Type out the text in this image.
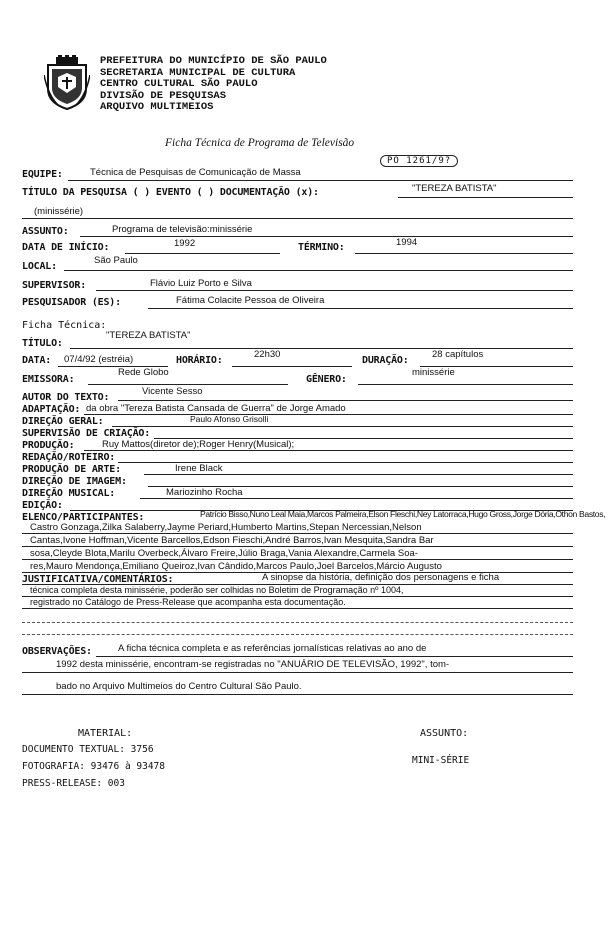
PREFEITURA DO MUNICÍPIO DE SÃO PAULO
SECRETARIA MUNICIPAL DE CULTURA
CENTRO CULTURAL SÃO PAULO
DIVISÃO DE PESQUISAS
ARQUIVO MULTIMEIOS
Ficha Técnica de Programa de Televisão
PO 1261/9?
EQUIPE:	Técnica de Pesquisas de Comunicação de Massa
TÍTULO DA PESQUISA ( ) EVENTO ( ) DOCUMENTAÇÃO (x):	"TEREZA BATISTA"
(minissérie)
ASSUNTO:	Programa de televisão:minissérie
DATA DE INÍCIO:	1992	TÉRMINO:	1994
LOCAL:
São Paulo
SUPERVISOR:	Flávio Luiz Porto e Silva
PESQUISADOR (ES):	Fátima Colacite Pessoa de Oliveira
Ficha Técnica:
TÍTULO:
"TEREZA BATISTA"
DATA: 07/4/92 (estréia)	HORÁRIO:
22h30
DURAÇÃO:
28 capítulos
EMISSORA:
Rede Globo
GÊNERO:
minissérie
AUTOR DO TEXTO:
Vicente Sesso
ADAPTAÇÃO: da obra "Tereza Batista Cansada de Guerra" de Jorge Amado
DIREÇÃO GERAL:	Paulo Afonso Grisolli
SUPERVISÃO DE CRIAÇÃO:
PRODUÇÃO:	Ruy Mattos(diretor de);Roger Henry(Musical);
REDAÇÃO/ROTEIRO:
PRODUÇÃO DE ARTE:	Irene Black
DIREÇÃO DE IMAGEM:
DIREÇÃO MUSICAL:	Mariozinho Rocha
EDIÇÃO:
ELENCO/PARTICIPANTES:	Patrício Bisso,Nuno Leal Maia,Marcos Palmeira,Elson Fleschi,Ney Latorraca,Hugo Gross,Jorge Dória,Othon Bastos,
Castro Gonzaga,Zilka Salaberry,Jayme Periard,Humberto Martins,Stepan Nercessian,Nelson
Cantas,Ivone Hoffman,Vicente Barcellos,Edson Fieschi,André Barros,Ivan Mesquita,Sandra Bar
sosa,Cleyde Blota,Marilu Overbeck,Álvaro Freire,Júlio Braga,Vania Alexandre,Carmela Soa-
res,Mauro Mendonça,Emiliano Queiroz,Ivan Cândido,Marcos Paulo,Joel Barcelos,Márcio Augusto
JUSTIFICATIVA/COMENTÁRIOS:	A sinopse da história, definição dos personagens e ficha
técnica completa desta minissérie, poderão ser colhidas no Boletim de Programação nº 1004,
registrado no Catálogo de Press-Release que acompanha esta documentação.
OBSERVAÇÕES:	A ficha técnica completa e as referências jornalísticas relativas ao ano de
1992 desta minissérie, encontram-se registradas no "ANUÁRIO DE TELEVISÃO, 1992", tom-
bado no Arquivo Multimeios do Centro Cultural São Paulo.
MATERIAL:
DOCUMENTO TEXTUAL: 3756
FOTOGRAFIA: 93476 à 93478
PRESS-RELEASE: 003
ASSUNTO:
MINI-SÉRIE
